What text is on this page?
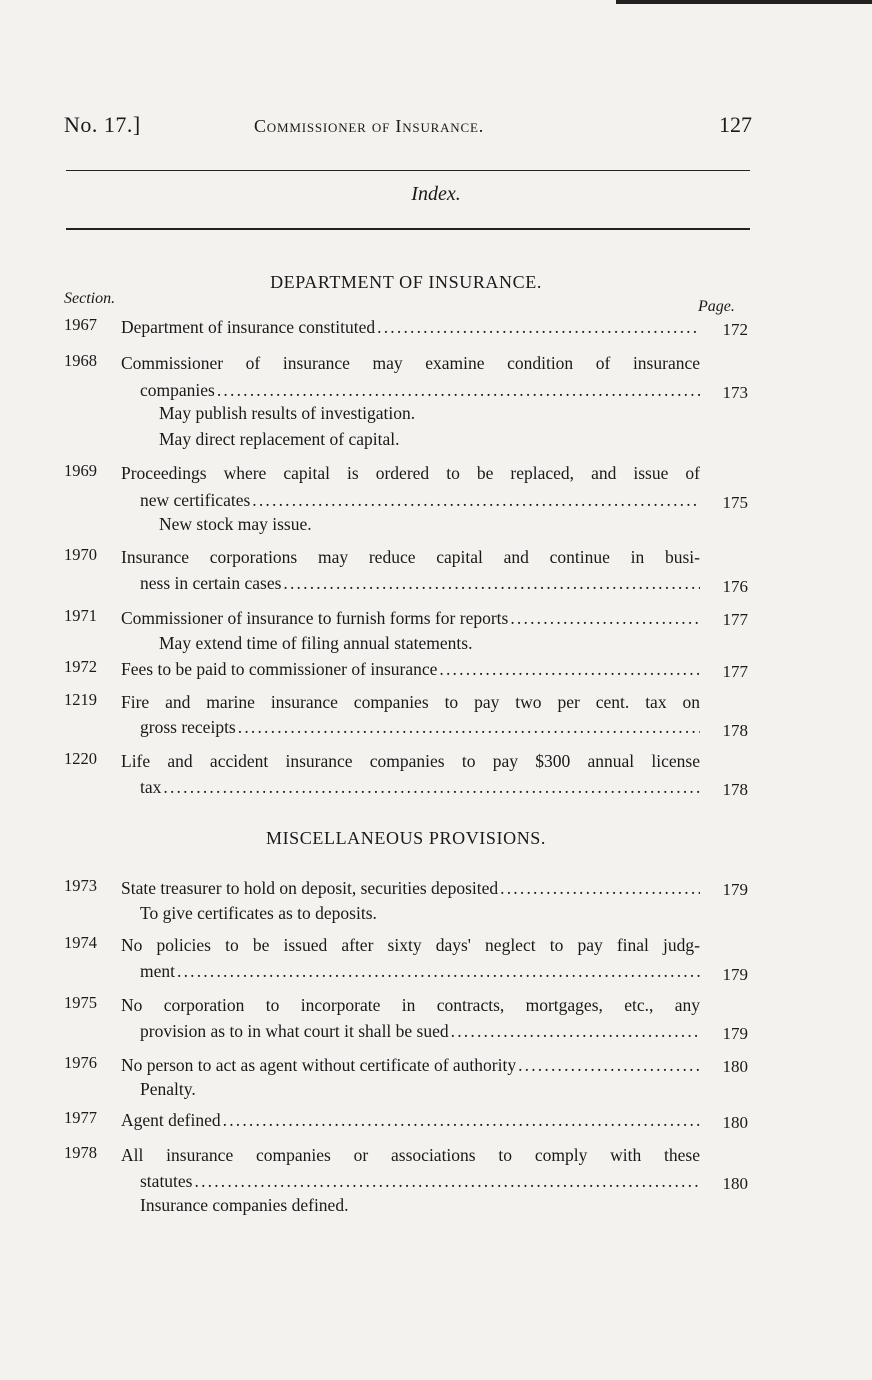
No. 17.]	Commissioner of Insurance.	127
Index.
DEPARTMENT OF INSURANCE.
Section.	Page.
1967 Department of insurance constituted .....	172
1968 Commissioner of insurance may examine condition of insurance
companies .....	173
May publish results of investigation.
May direct replacement of capital.
1969 Proceedings where capital is ordered to be replaced, and issue of
new certificates .....	175
New stock may issue.
1970 Insurance corporations may reduce capital and continue in busi-
ness in certain cases .....	176
1971 Commissioner of insurance to furnish forms for reports .....	177
May extend time of filing annual statements.
1972 Fees to be paid to commissioner of insurance .....	177
1219 Fire and marine insurance companies to pay two per cent. tax on
gross receipts .....	178
1220 Life and accident insurance companies to pay $300 annual license
tax .....	178
MISCELLANEOUS PROVISIONS.
1973 State treasurer to hold on deposit, securities deposited .....	179
To give certificates as to deposits.
1974 No policies to be issued after sixty days' neglect to pay final judg-
ment .....	179
1975 No corporation to incorporate in contracts, mortgages, etc., any
provision as to in what court it shall be sued .....	179
1976 No person to act as agent without certificate of authority .....	180
Penalty.
1977 Agent defined .....	180
1978 All insurance companies or associations to comply with these
statutes .....	180
Insurance companies defined.
